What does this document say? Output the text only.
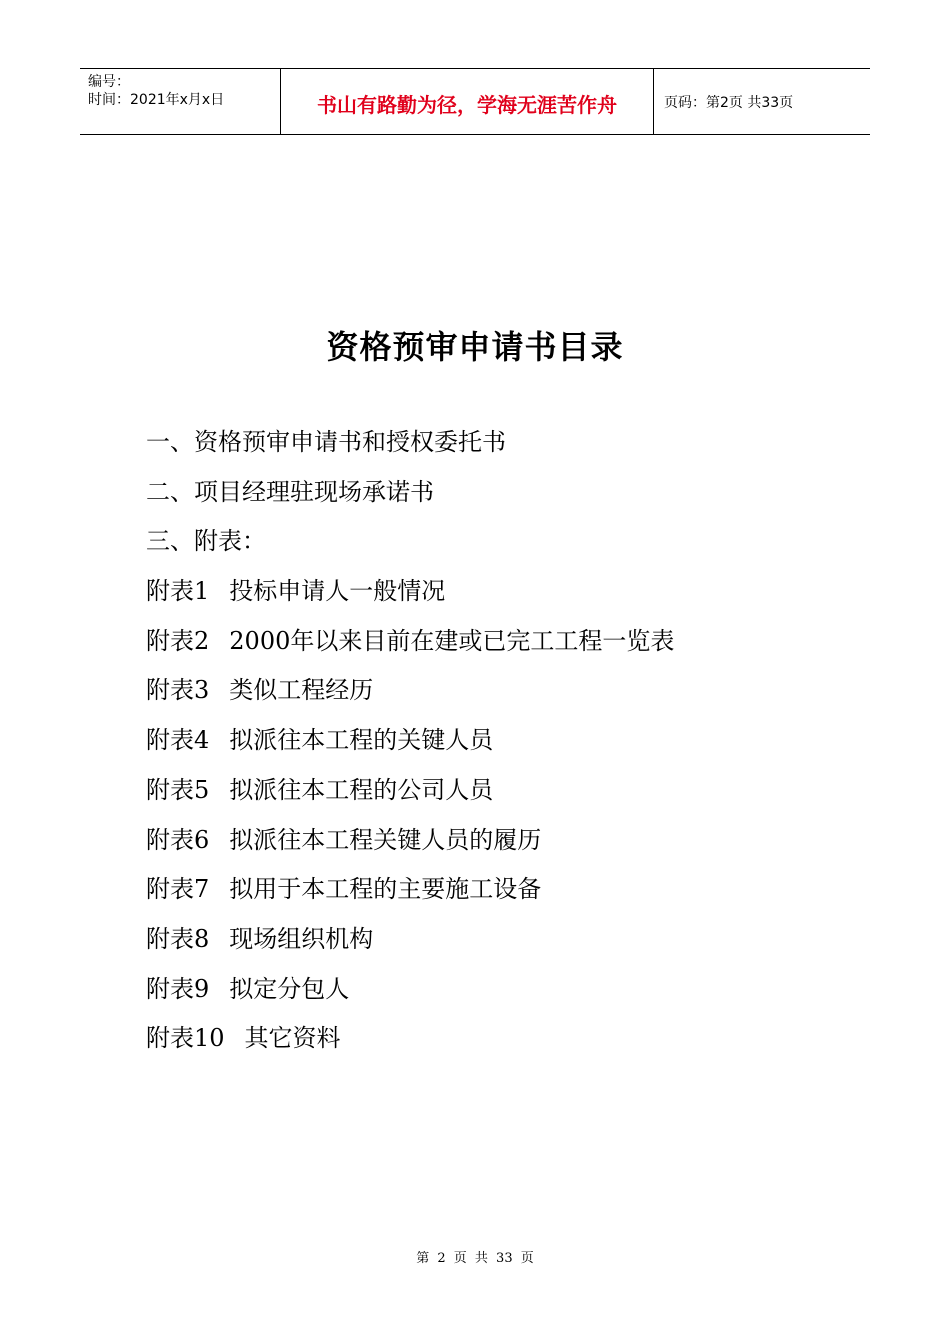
编号：
时间：2021年x月x日	书山有路勤为径，学海无涯苦作舟	页码：第2页 共33页
资格预审申请书目录
一、资格预审申请书和授权委托书
二、项目经理驻现场承诺书
三、附表：
附表1 投标申请人一般情况
附表2 2000年以来目前在建或已完工工程一览表
附表3 类似工程经历
附表4 拟派往本工程的关键人员
附表5 拟派往本工程的公司人员
附表6 拟派往本工程关键人员的履历
附表7 拟用于本工程的主要施工设备
附表8 现场组织机构
附表9 拟定分包人
附表10 其它资料
第 2 页 共 33 页
